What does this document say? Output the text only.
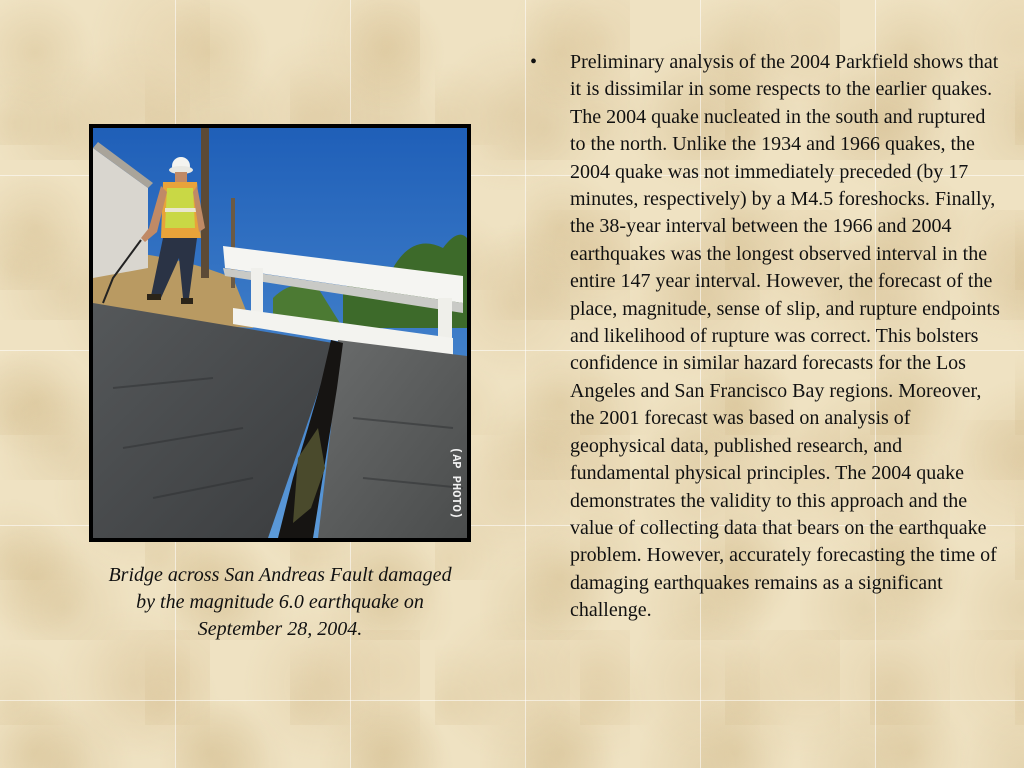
(AP PHOTO)
Bridge across San Andreas Fault damaged by the magnitude 6.0 earthquake on September 28, 2004.
•	Preliminary analysis of the 2004 Parkfield shows that it is dissimilar in some respects to the earlier quakes. The 2004 quake nucleated in the south and ruptured to the north. Unlike the 1934 and 1966 quakes, the 2004 quake was not immediately preceded (by 17 minutes, respectively) by a M4.5 foreshocks. Finally, the 38-year interval between the 1966 and 2004 earthquakes was the longest observed interval in the entire 147 year interval. However, the forecast of the place, magnitude, sense of slip, and rupture endpoints and likelihood of rupture was correct. This bolsters confidence in similar hazard forecasts for the Los Angeles and San Francisco Bay regions. Moreover, the 2001 forecast was based on analysis of geophysical data, published research, and fundamental physical principles. The 2004 quake demonstrates the validity to this approach and the value of collecting data that bears on the earthquake problem. However, accurately forecasting the time of damaging earthquakes remains as a significant challenge.
